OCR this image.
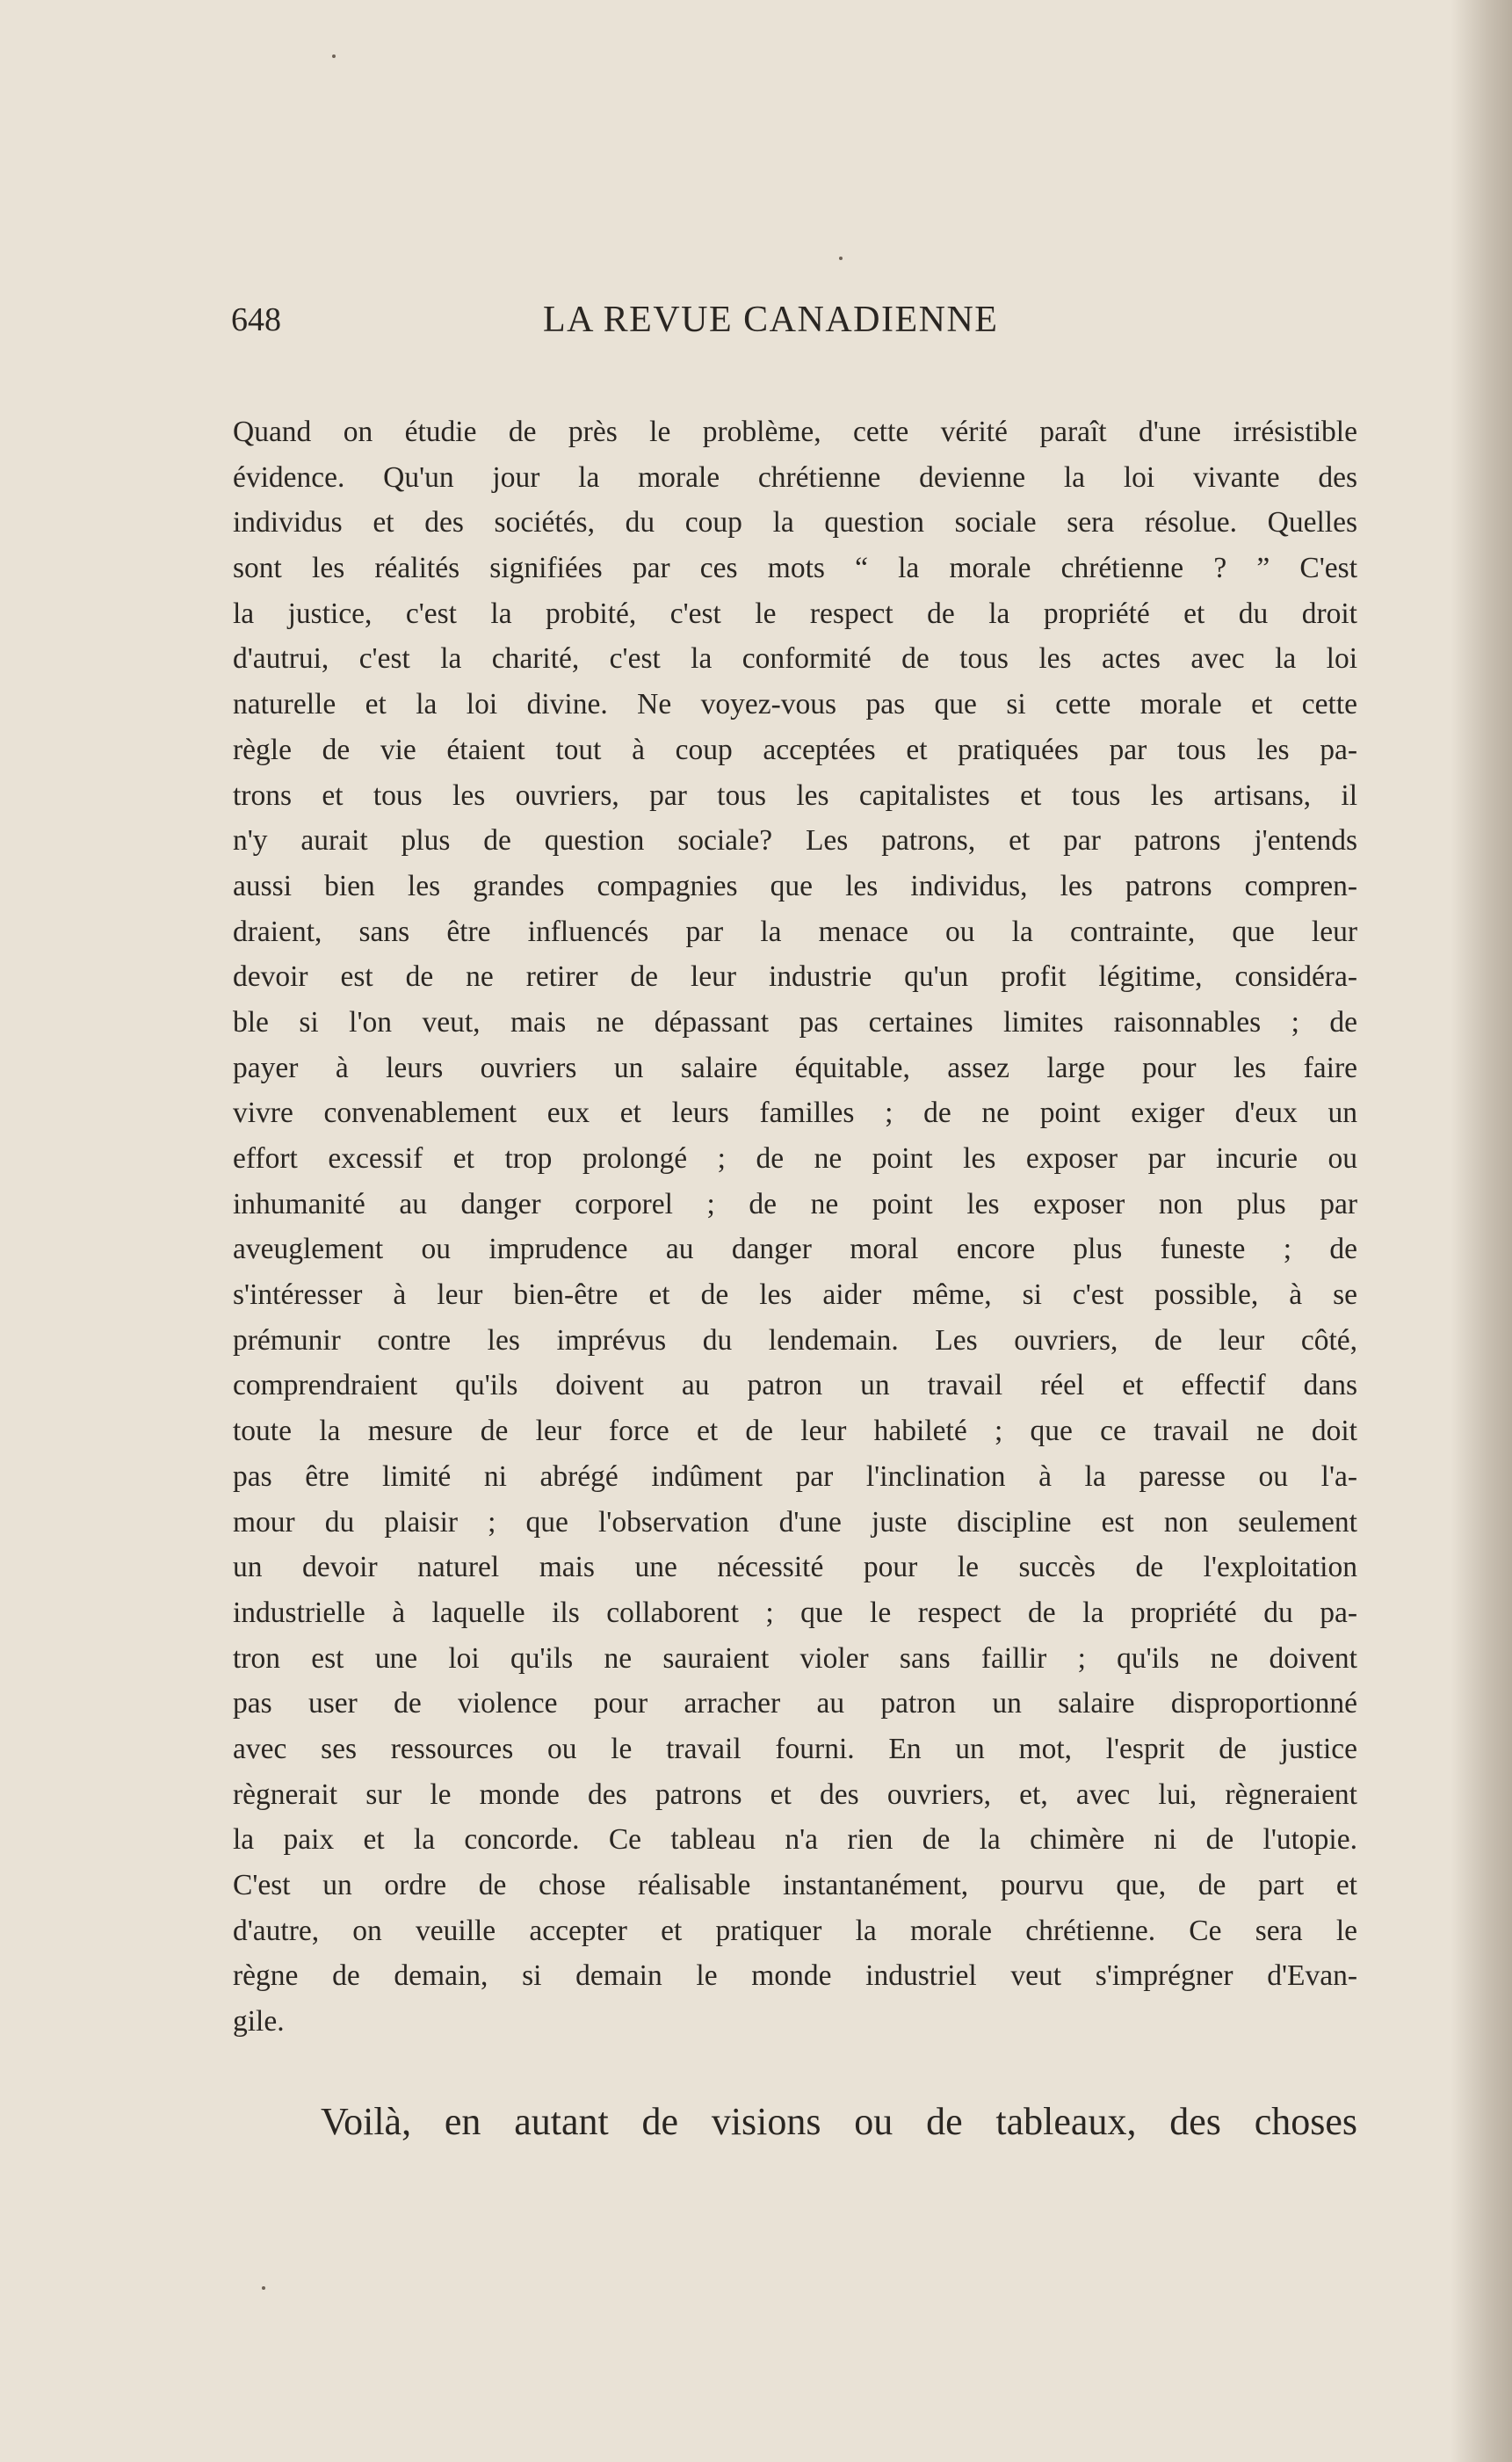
648	LA REVUE CANADIENNE
Quand on étudie de près le problème, cette vérité paraît d'une irrésistible
évidence. Qu'un jour la morale chrétienne devienne la loi vivante des
individus et des sociétés, du coup la question sociale sera résolue. Quelles
sont les réalités signifiées par ces mots “ la morale chrétienne ? ” C'est
la justice, c'est la probité, c'est le respect de la propriété et du droit
d'autrui, c'est la charité, c'est la conformité de tous les actes avec la loi
naturelle et la loi divine. Ne voyez-vous pas que si cette morale et cette
règle de vie étaient tout à coup acceptées et pratiquées par tous les pa-
trons et tous les ouvriers, par tous les capitalistes et tous les artisans, il
n'y aurait plus de question sociale? Les patrons, et par patrons j'entends
aussi bien les grandes compagnies que les individus, les patrons compren-
draient, sans être influencés par la menace ou la contrainte, que leur
devoir est de ne retirer de leur industrie qu'un profit légitime, considéra-
ble si l'on veut, mais ne dépassant pas certaines limites raisonnables ; de
payer à leurs ouvriers un salaire équitable, assez large pour les faire
vivre convenablement eux et leurs familles ; de ne point exiger d'eux un
effort excessif et trop prolongé ; de ne point les exposer par incurie ou
inhumanité au danger corporel ; de ne point les exposer non plus par
aveuglement ou imprudence au danger moral encore plus funeste ; de
s'intéresser à leur bien-être et de les aider même, si c'est possible, à se
prémunir contre les imprévus du lendemain. Les ouvriers, de leur côté,
comprendraient qu'ils doivent au patron un travail réel et effectif dans
toute la mesure de leur force et de leur habileté ; que ce travail ne doit
pas être limité ni abrégé indûment par l'inclination à la paresse ou l'a-
mour du plaisir ; que l'observation d'une juste discipline est non seulement
un devoir naturel mais une nécessité pour le succès de l'exploitation
industrielle à laquelle ils collaborent ; que le respect de la propriété du pa-
tron est une loi qu'ils ne sauraient violer sans faillir ; qu'ils ne doivent
pas user de violence pour arracher au patron un salaire disproportionné
avec ses ressources ou le travail fourni. En un mot, l'esprit de justice
règnerait sur le monde des patrons et des ouvriers, et, avec lui, règneraient
la paix et la concorde. Ce tableau n'a rien de la chimère ni de l'utopie.
C'est un ordre de chose réalisable instantanément, pourvu que, de part et
d'autre, on veuille accepter et pratiquer la morale chrétienne. Ce sera le
règne de demain, si demain le monde industriel veut s'imprégner d'Evan-
gile.
Voilà, en autant de visions ou de tableaux, des choses
